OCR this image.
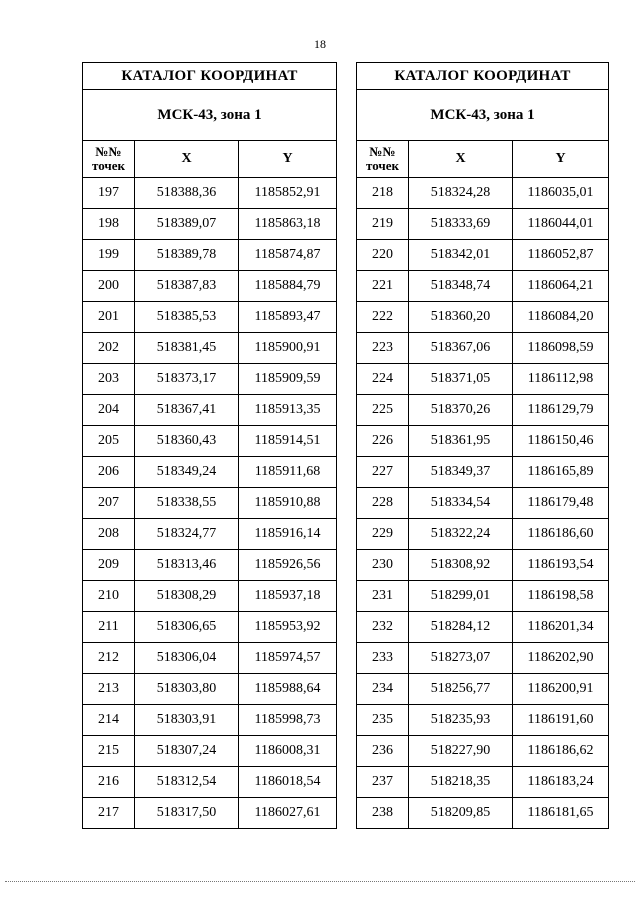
18
КАТАЛОГ КООРДИНАТ		
МСК-43, зона 1		
№№ точек	X	Y
197	518388,36	1185852,91
198	518389,07	1185863,18
199	518389,78	1185874,87
200	518387,83	1185884,79
201	518385,53	1185893,47
202	518381,45	1185900,91
203	518373,17	1185909,59
204	518367,41	1185913,35
205	518360,43	1185914,51
206	518349,24	1185911,68
207	518338,55	1185910,88
208	518324,77	1185916,14
209	518313,46	1185926,56
210	518308,29	1185937,18
211	518306,65	1185953,92
212	518306,04	1185974,57
213	518303,80	1185988,64
214	518303,91	1185998,73
215	518307,24	1186008,31
216	518312,54	1186018,54
217	518317,50	1186027,61
КАТАЛОГ КООРДИНАТ		
МСК-43, зона 1		
№№ точек	X	Y
218	518324,28	1186035,01
219	518333,69	1186044,01
220	518342,01	1186052,87
221	518348,74	1186064,21
222	518360,20	1186084,20
223	518367,06	1186098,59
224	518371,05	1186112,98
225	518370,26	1186129,79
226	518361,95	1186150,46
227	518349,37	1186165,89
228	518334,54	1186179,48
229	518322,24	1186186,60
230	518308,92	1186193,54
231	518299,01	1186198,58
232	518284,12	1186201,34
233	518273,07	1186202,90
234	518256,77	1186200,91
235	518235,93	1186191,60
236	518227,90	1186186,62
237	518218,35	1186183,24
238	518209,85	1186181,65
